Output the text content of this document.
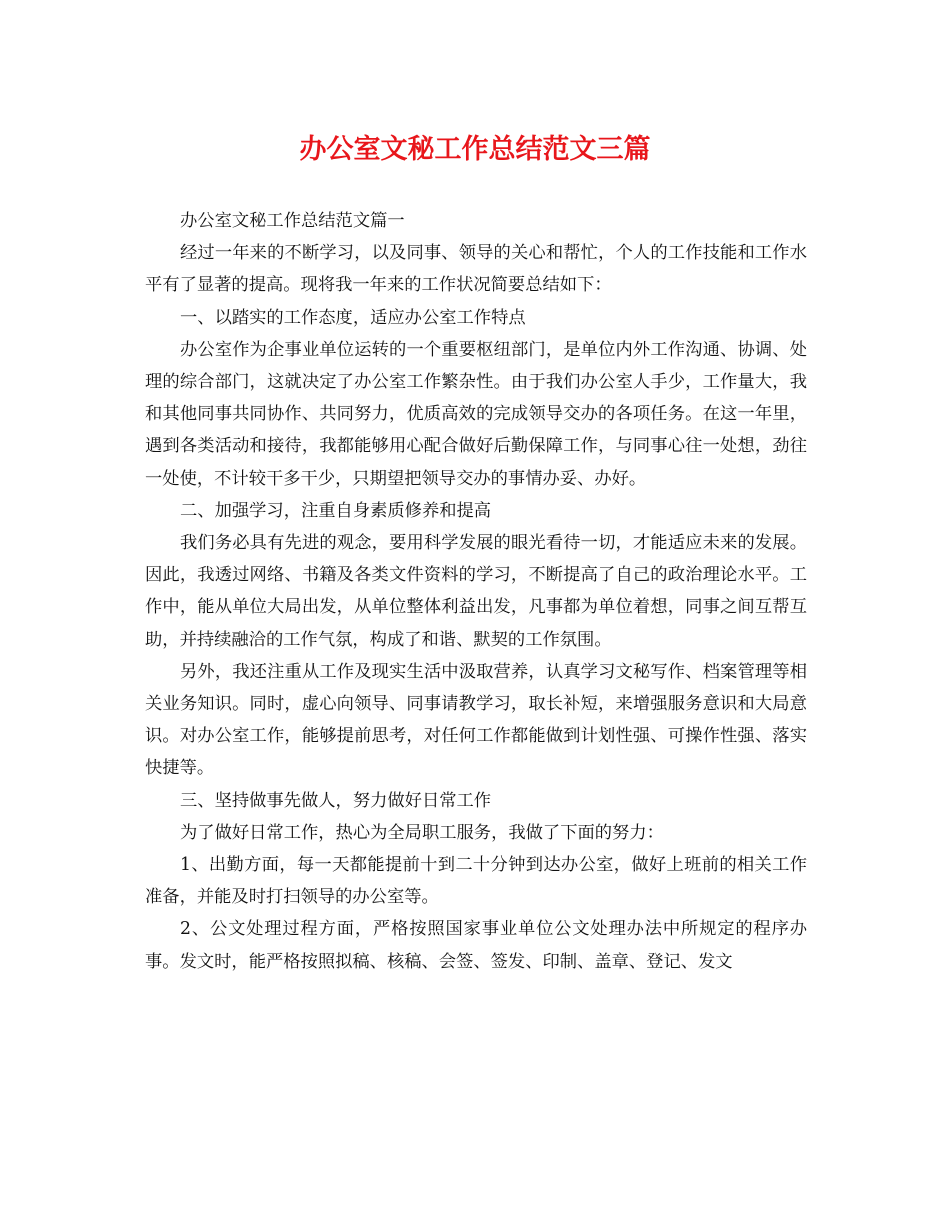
办公室文秘工作总结范文三篇

办公室文秘工作总结范文篇一

经过一年来的不断学习，以及同事、领导的关心和帮忙，个人的工作技能和工作水平有了显著的提高。现将我一年来的工作状况简要总结如下：

一、以踏实的工作态度，适应办公室工作特点

办公室作为企事业单位运转的一个重要枢纽部门，是单位内外工作沟通、协调、处理的综合部门，这就决定了办公室工作繁杂性。由于我们办公室人手少，工作量大，我和其他同事共同协作、共同努力，优质高效的完成领导交办的各项任务。在这一年里，遇到各类活动和接待，我都能够用心配合做好后勤保障工作，与同事心往一处想，劲往一处使，不计较干多干少，只期望把领导交办的事情办妥、办好。

二、加强学习，注重自身素质修养和提高

我们务必具有先进的观念，要用科学发展的眼光看待一切，才能适应未来的发展。因此，我透过网络、书籍及各类文件资料的学习，不断提高了自己的政治理论水平。工作中，能从单位大局出发，从单位整体利益出发，凡事都为单位着想，同事之间互帮互助，并持续融洽的工作气氛，构成了和谐、默契的工作氛围。

另外，我还注重从工作及现实生活中汲取营养，认真学习文秘写作、档案管理等相关业务知识。同时，虚心向领导、同事请教学习，取长补短，来增强服务意识和大局意识。对办公室工作，能够提前思考，对任何工作都能做到计划性强、可操作性强、落实快捷等。

三、坚持做事先做人，努力做好日常工作

为了做好日常工作，热心为全局职工服务，我做了下面的努力：

1、出勤方面，每一天都能提前十到二十分钟到达办公室，做好上班前的相关工作准备，并能及时打扫领导的办公室等。

2、公文处理过程方面，严格按照国家事业单位公文处理办法中所规定的程序办事。发文时，能严格按照拟稿、核稿、会签、签发、印制、盖章、登记、发文
